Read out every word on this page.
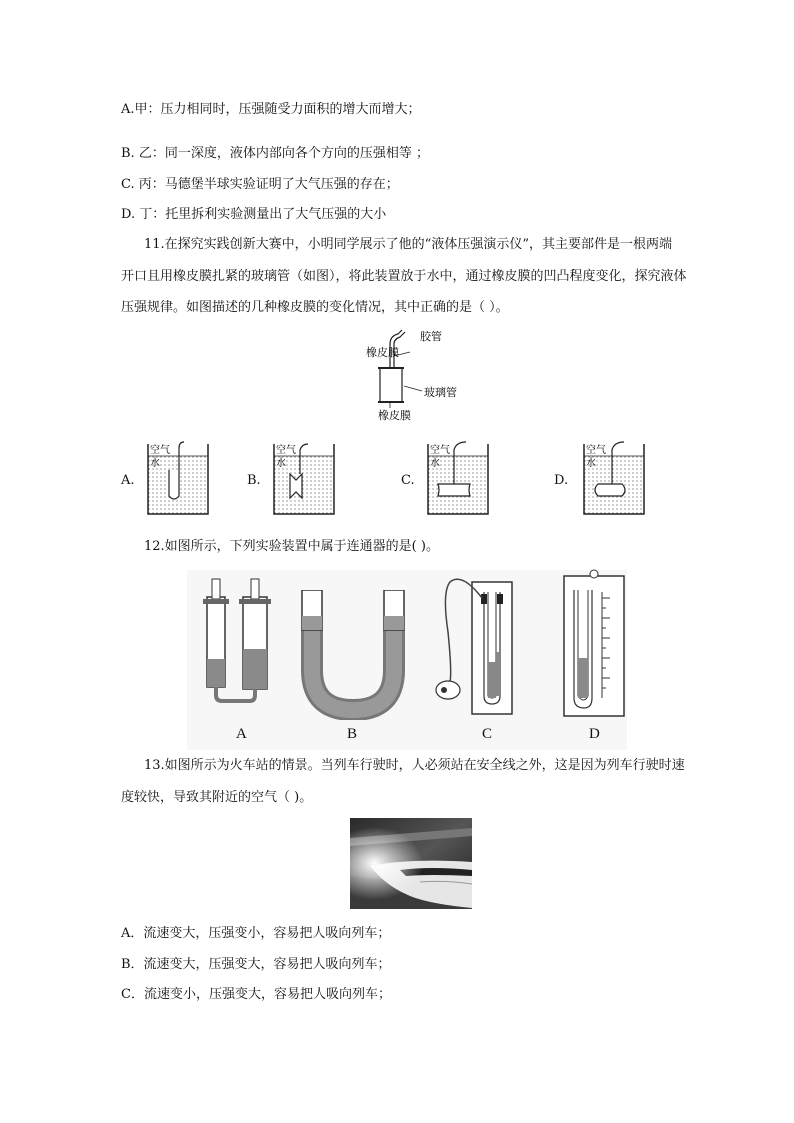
A.甲：压力相同时，压强随受力面积的增大而增大；
B. 乙：同一深度，液体内部向各个方向的压强相等 ；
C. 丙：马德堡半球实验证明了大气压强的存在；
D. 丁：托里拆利实验测量出了大气压强的大小
11.在探究实践创新大赛中，小明同学展示了他的“液体压强演示仪”，其主要部件是一根两端
开口且用橡皮膜扎紧的玻璃管（如图），将此装置放于水中，通过橡皮膜的凹凸程度变化，探究液体
压强规律。如图描述的几种橡皮膜的变化情况，其中正确的是（ ）。
胶管
橡皮膜
玻璃管
橡皮膜
A.	B.	C.	D.
空气
水
空气
水
空气
水
空气
水
12.如图所示，下列实验装置中属于连通器的是( )。
A	B	C	D
13.如图所示为火车站的情景。当列车行驶时，人必须站在安全线之外，这是因为列车行驶时速
度较快，导致其附近的空气（ )。
A．流速变大，压强变小，容易把人吸向列车；
B．流速变大，压强变大，容易把人吸向列车；
C．流速变小，压强变大，容易把人吸向列车；
